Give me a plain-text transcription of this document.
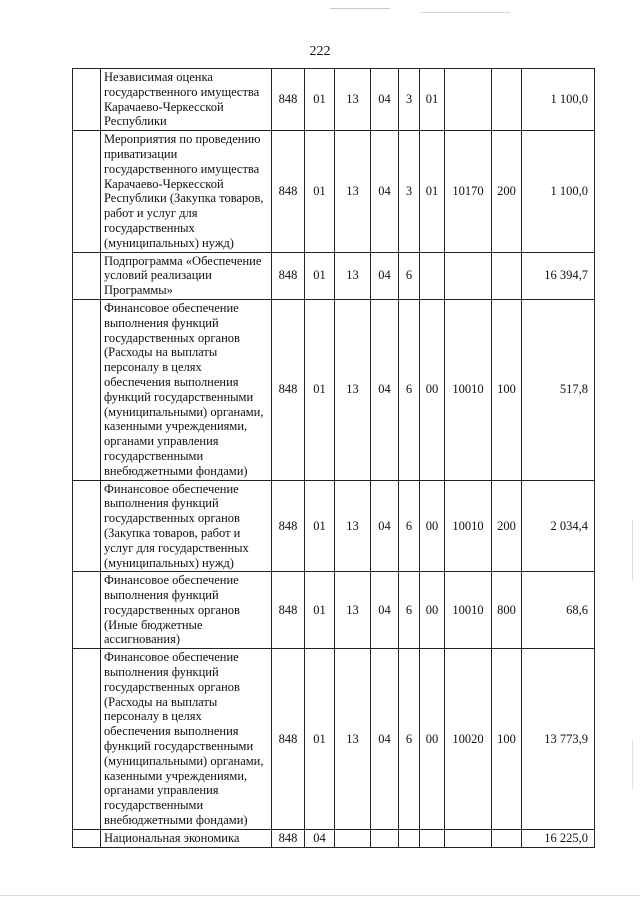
222
	Независимая оценка государственного имущества Карачаево-Черкесской Республики	848	01	13	04	3	01			1 100,0
	Мероприятия по проведению приватизации государственного имущества Карачаево-Черкесской Республики (Закупка товаров, работ и услуг для государственных (муниципальных) нужд)	848	01	13	04	3	01	10170	200	1 100,0
	Подпрограмма «Обеспечение условий реализации Программы»	848	01	13	04	6				16 394,7
	Финансовое обеспечение выполнения функций государственных органов (Расходы на выплаты персоналу в целях обеспечения выполнения функций государственными (муниципальными) органами, казенными учреждениями, органами управления государственными внебюджетными фондами)	848	01	13	04	6	00	10010	100	517,8
	Финансовое обеспечение выполнения функций государственных органов (Закупка товаров, работ и услуг для государственных (муниципальных) нужд)	848	01	13	04	6	00	10010	200	2 034,4
	Финансовое обеспечение выполнения функций государственных органов (Иные бюджетные ассигнования)	848	01	13	04	6	00	10010	800	68,6
	Финансовое обеспечение выполнения функций государственных органов (Расходы на выплаты персоналу в целях обеспечения выполнения функций государственными (муниципальными) органами, казенными учреждениями, органами управления государственными внебюджетными фондами)	848	01	13	04	6	00	10020	100	13 773,9
	Национальная экономика	848	04							16 225,0
